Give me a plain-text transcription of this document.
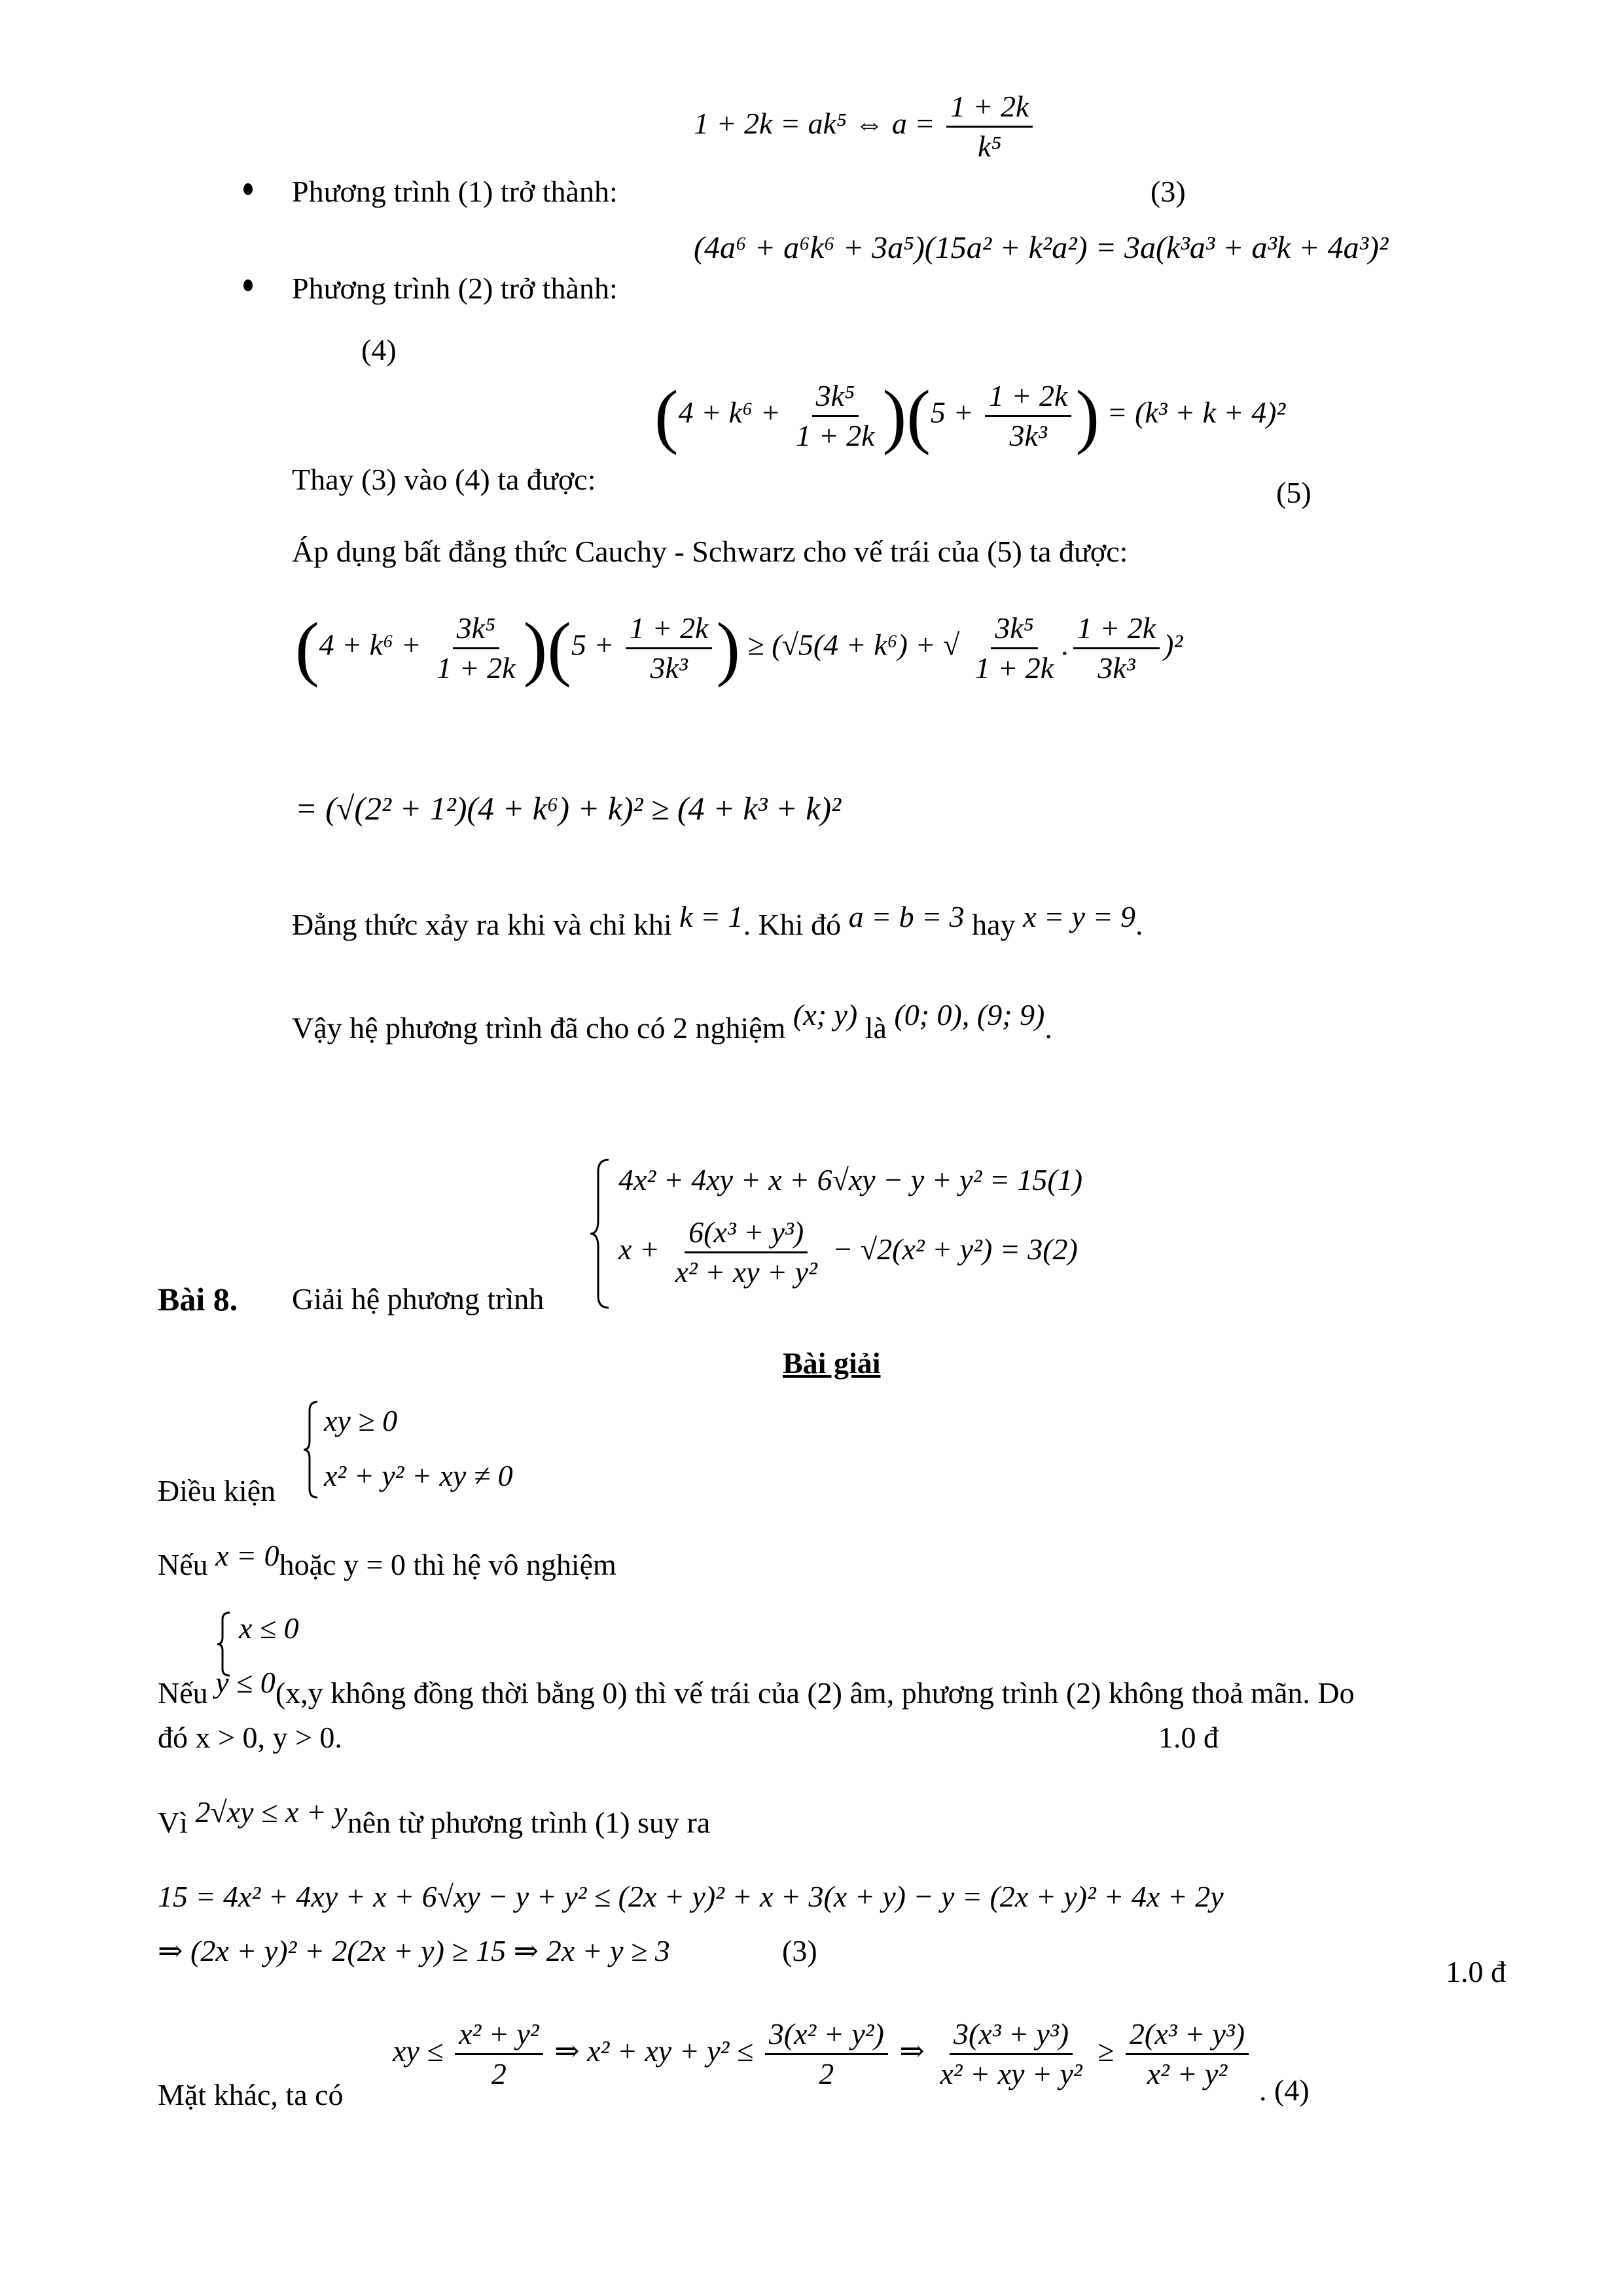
Phương trình (1) trở thành:
1 + 2k = ak⁵ ⇔ $a = \frac{1 + 2k}{\text{k⁵}}$
(3)
Phương trình (2) trở thành:
(4a⁶ + a⁶k⁶ + 3a⁵)(15a² + k²a²) = 3a(k³a³ + a³k + 4a³)²
(4)
Thay (3) vào (4) ta được:
$(4 + k^6 + \frac{\text{3k⁵}}{1 + 2k} )(5 + \frac{1 + 2k}{\text{3k³}}$ ) = (k³ + k + 4)²
(5)
Áp dụng bất đẳng thức Cauchy - Schwarz cho vế trái của (5) ta được:
$(4 + k^6 + \frac{\text{3k⁵}}{1 + 2k} )(5 + \frac{1 + 2k}{\text{3k³}}$ ) ≥ (√5(4 + k⁶) + √ $\frac{\text{3k⁵}}{1 + 2k}$ . $\frac{1 + 2k}{\text{3k³}} )^2$
= (√(2² + 1²)(4 + k⁶) + k)² ≥ (4 + k³ + k)²
Đẳng thức xảy ra khi và chỉ khi k = 1. Khi đó a = b = 3 hay x = y = 9.
Vậy hệ phương trình đã cho có 2 nghiệm (x; y) là (0; 0), (9; 9).
Bài 8. Giải hệ phương trình
4x² + 4xy + x + 6√xy − y + y² = 15(1)
$x + \frac{\text{6(x³ + y³)}}{\text{x² + xy + y²}} - √2(x^2 + y^2) = 3(2)$
Bài giải
Điều kiện
xy ≥ 0
x² + y² + xy ≠ 0
Nếu x = 0hoặc y = 0 thì hệ vô nghiệm
x ≤ 0
Nếu y ≤ 0(x,y không đồng thời bằng 0) thì vế trái của (2) âm, phương trình (2) không thoả mãn. Do
đó x > 0, y > 0.	1.0 đ
Vì 2√xy ≤ x + ynên từ phương trình (1) suy ra
15 = 4x² + 4xy + x + 6√xy − y + y² ≤ (2x + y)² + x + 3(x + y) − y = (2x + y)² + 4x + 2y
⇒ (2x + y)² + 2(2x + y) ≥ 15 ⇒ 2x + y ≥ 3	(3)
1.0 đ
Mặt khác, ta có
xy ≤ $\frac{\text{x² + y²}}{2}$ ⇒ x² + xy + $y^2 \le \frac{\text{3(x² + y²)}}{2}$ ⇒ $\frac{\text{3(x³ + y³)}}{\text{x² + xy + y²}} \ge \frac{\text{2(x³ + y³)}}{\text{x² + y²}}$
. (4)
